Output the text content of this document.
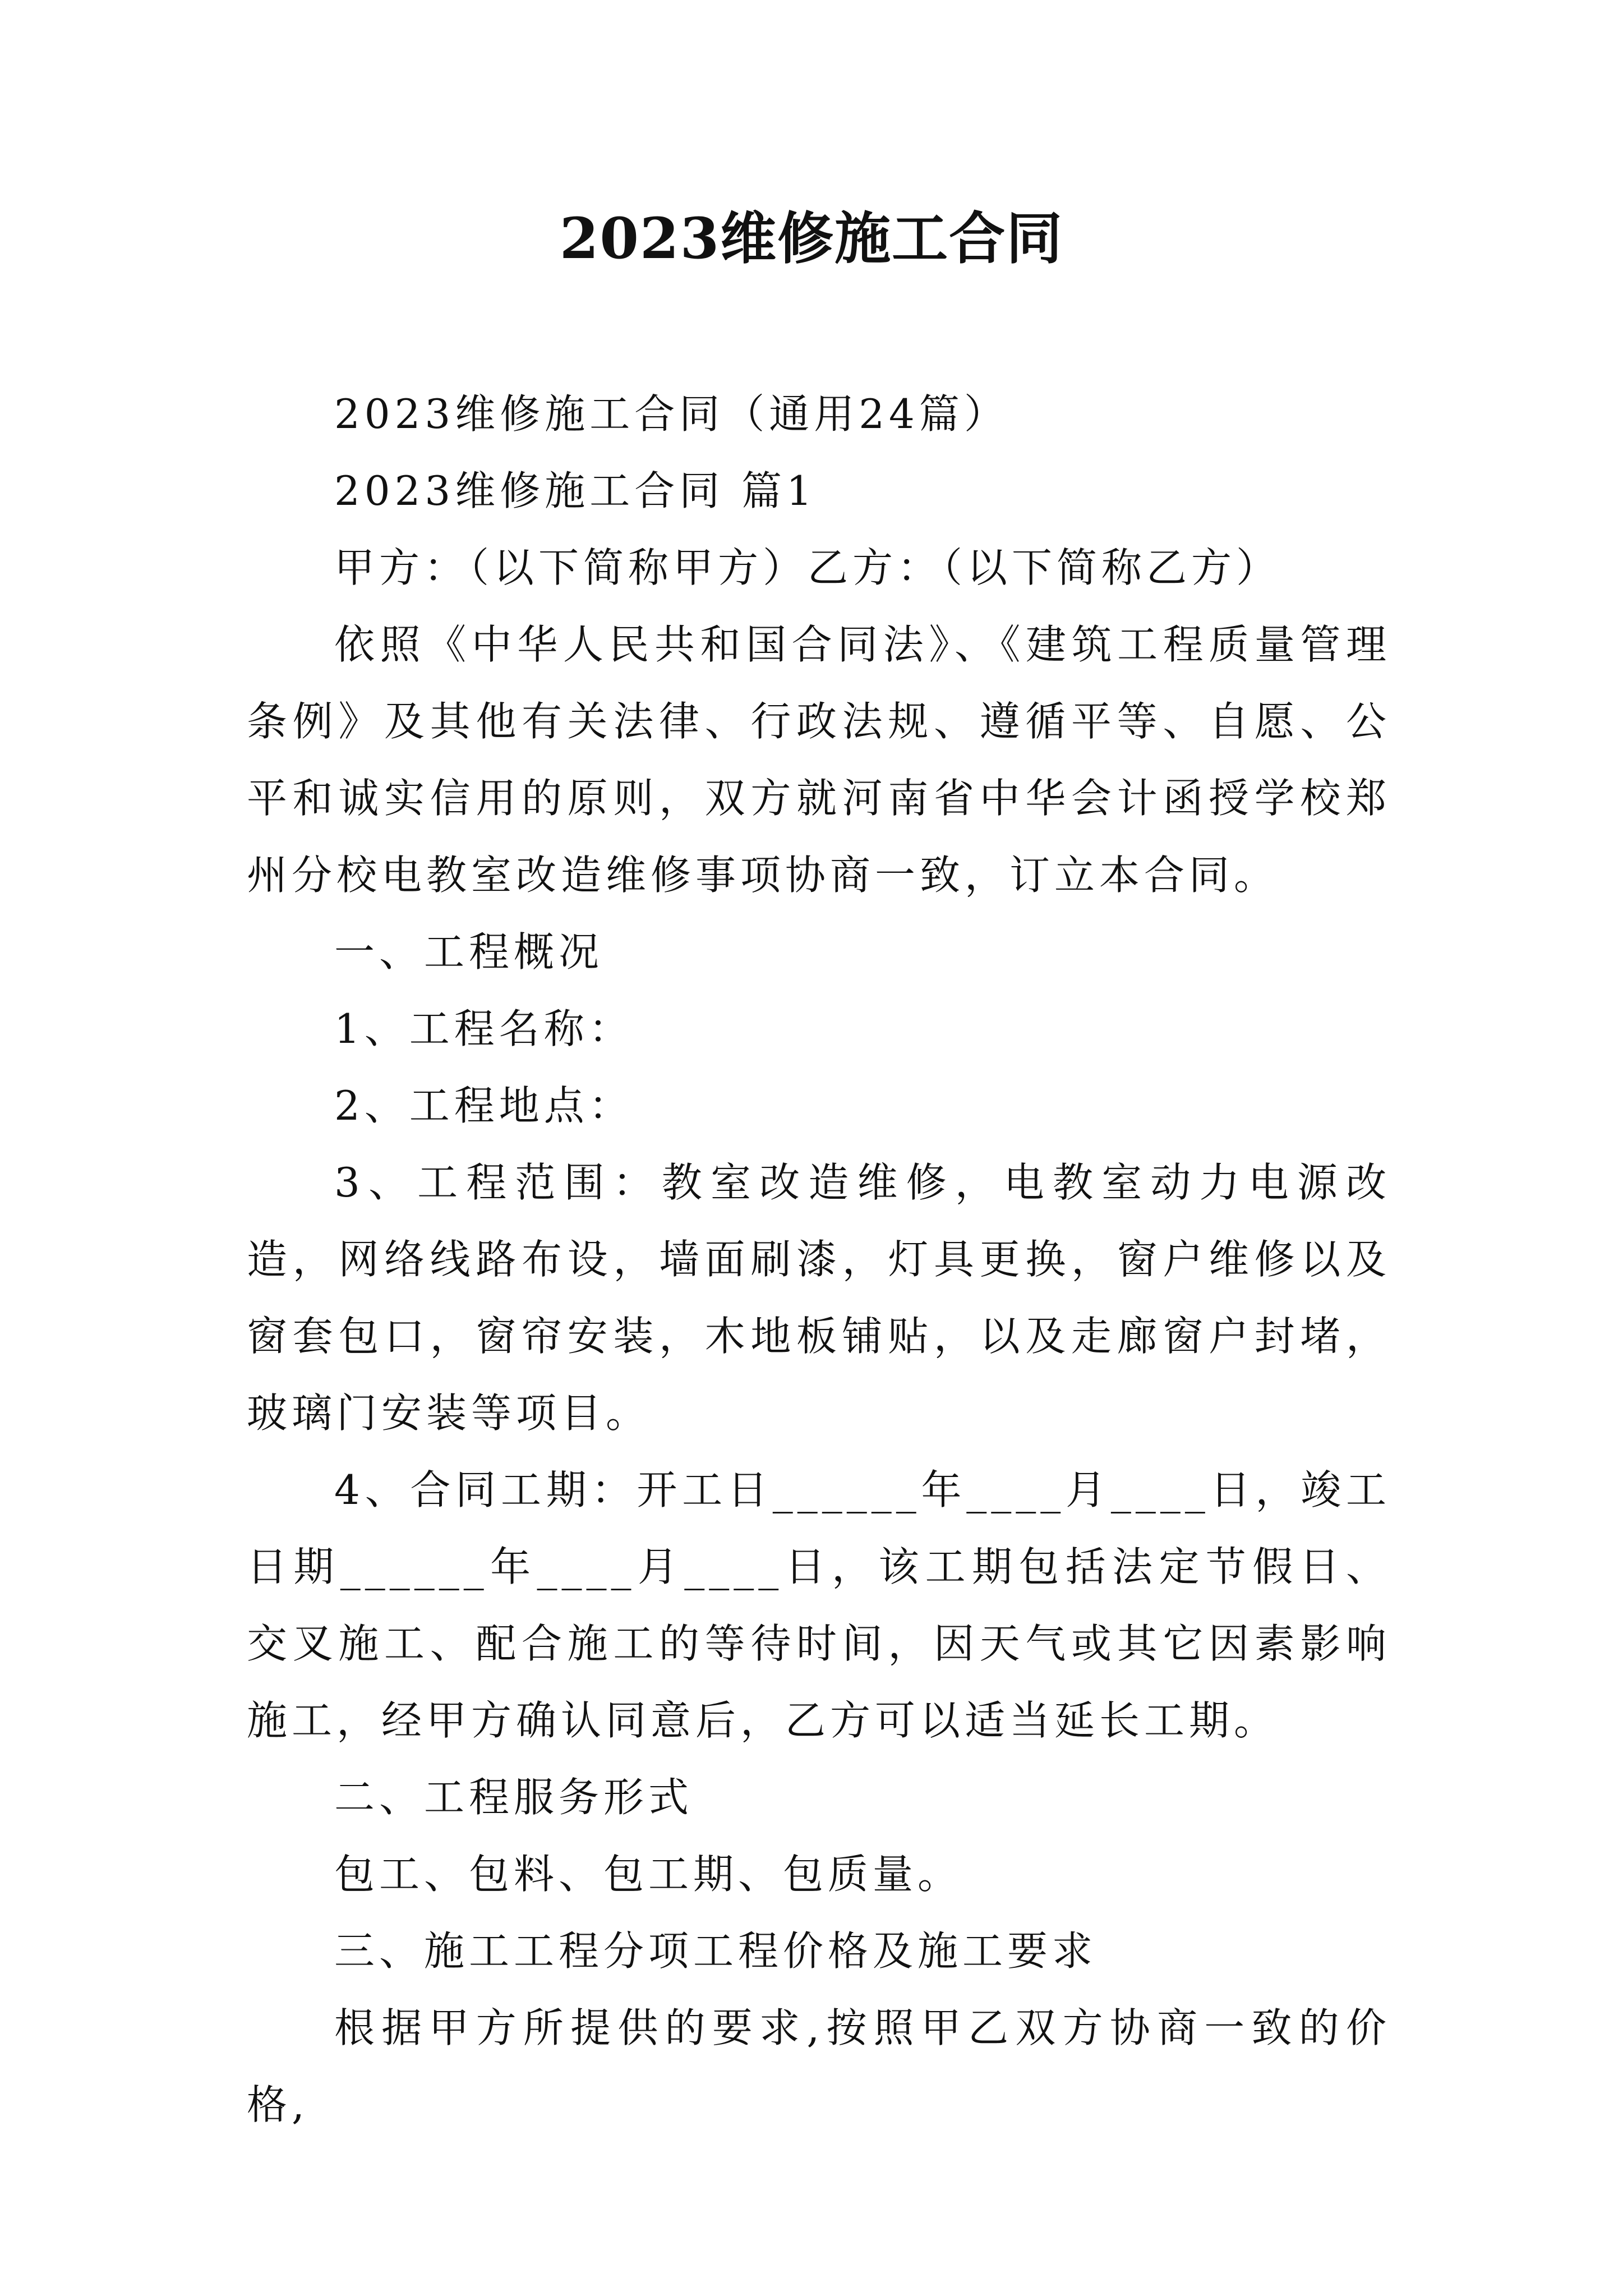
2023维修施工合同

2023维修施工合同（通用24篇）

2023维修施工合同 篇1

甲方：（以下简称甲方）乙方：（以下简称乙方）

依照《中华人民共和国合同法》、《建筑工程质量管理条例》及其他有关法律、行政法规、遵循平等、自愿、公平和诚实信用的原则，双方就河南省中华会计函授学校郑州分校电教室改造维修事项协商一致，订立本合同。

一、工程概况

1、工程名称：

2、工程地点：

3、工程范围：教室改造维修，电教室动力电源改造，网络线路布设，墙面刷漆，灯具更换，窗户维修以及窗套包口，窗帘安装，木地板铺贴，以及走廊窗户封堵，玻璃门安装等项目。

4、合同工期：开工日______年____月____日，竣工日期______年____月____日，该工期包括法定节假日、交叉施工、配合施工的等待时间，因天气或其它因素影响施工，经甲方确认同意后，乙方可以适当延长工期。

二、工程服务形式

包工、包料、包工期、包质量。

三、施工工程分项工程价格及施工要求

根据甲方所提供的要求,按照甲乙双方协商一致的价格,
